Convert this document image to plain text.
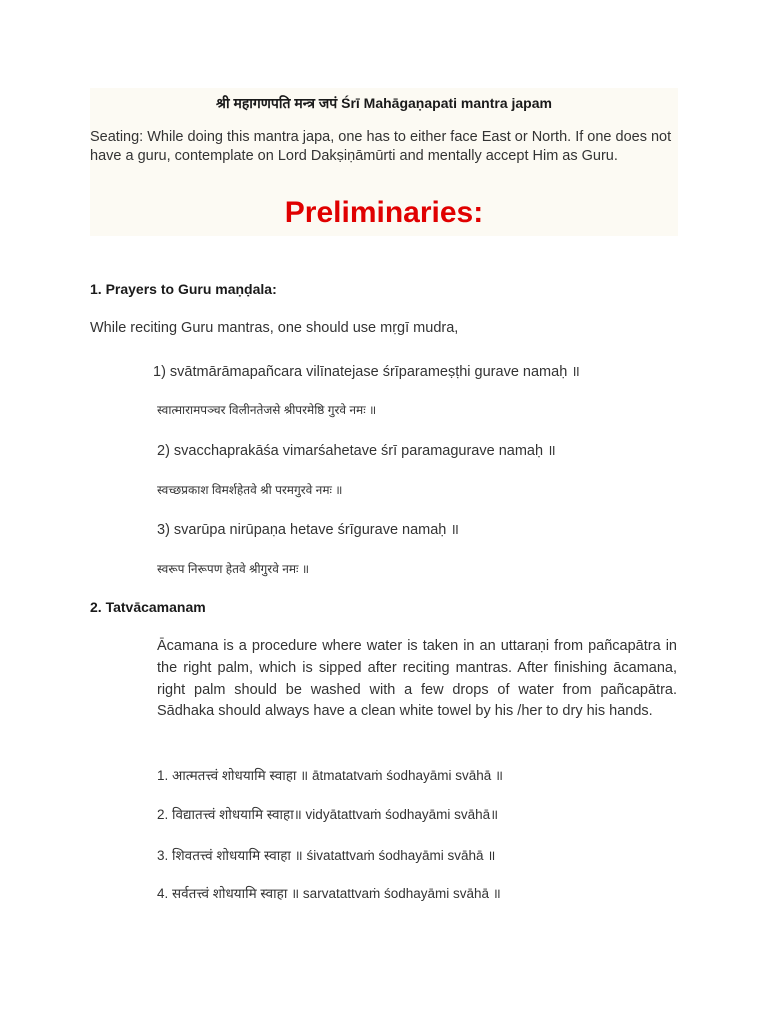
श्री महागणपति मन्त्र जपं Śrī Mahāgaṇapati mantra japam
Seating: While doing this mantra japa, one has to either face East or North. If one does not have a guru, contemplate on Lord Dakṣiṇāmūrti and mentally accept Him as Guru.
Preliminaries:
1. Prayers to Guru maṇḍala:
While reciting Guru mantras, one should use mṛgī mudra,
1) svātmārāmapañcara vilīnatejase śrīparameṣṭhi gurave namaḥ ॥
स्वात्मारामपञ्चर विलीनतेजसे श्रीपरमेष्ठि गुरवे नमः ॥
2) svacchaprakāśa vimarśahetave śrī paramagurave namaḥ ॥
स्वच्छप्रकाश विमर्शहेतवे श्री परमगुरवे नमः ॥
3) svarūpa nirūpaṇa hetave śrīgurave namaḥ ॥
स्वरूप निरूपण हेतवे श्रीगुरवे नमः ॥
2. Tatvācamanam
Ācamana is a procedure where water is taken in an uttaraṇi from pañcapātra in the right palm, which is sipped after reciting mantras. After finishing ācamana, right palm should be washed with a few drops of water from pañcapātra. Sādhaka should always have a clean white towel by his /her to dry his hands.
1. आत्मतत्त्वं शोधयामि स्वाहा ॥ ātmatatvaṁ śodhayāmi svāhā ॥
2. विद्यातत्त्वं शोधयामि स्वाहा॥ vidyātattvaṁ śodhayāmi svāhā॥
3. शिवतत्त्वं शोधयामि स्वाहा ॥ śivatattvaṁ śodhayāmi svāhā ॥
4. सर्वतत्त्वं शोधयामि स्वाहा ॥ sarvatattvaṁ śodhayāmi svāhā ॥
